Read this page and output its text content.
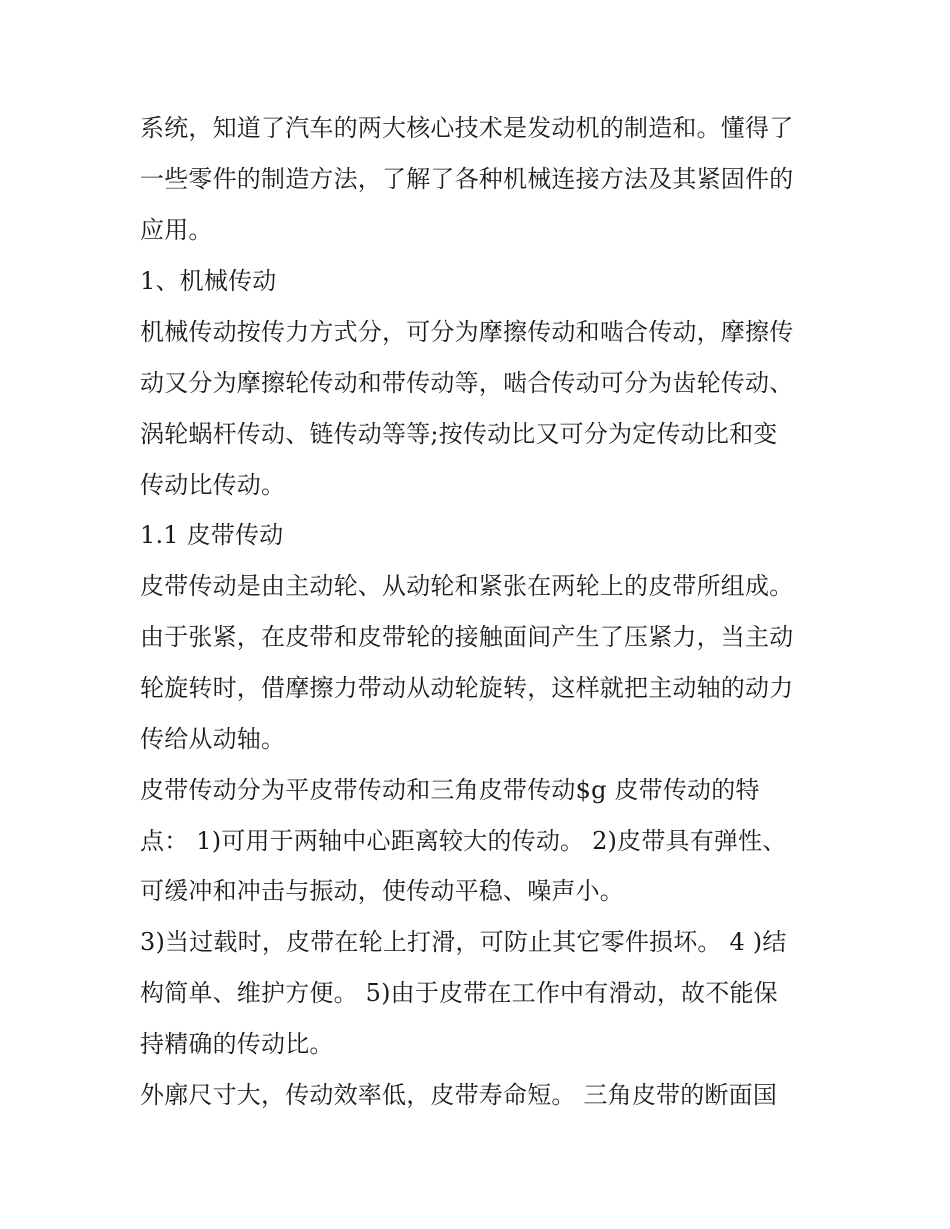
系统，知道了汽车的两大核心技术是发动机的制造和。懂得了

一些零件的制造方法，了解了各种机械连接方法及其紧固件的

应用。

1、机械传动

机械传动按传力方式分，可分为摩擦传动和啮合传动，摩擦传

动又分为摩擦轮传动和带传动等，啮合传动可分为齿轮传动、

涡轮蜗杆传动、链传动等等;按传动比又可分为定传动比和变

传动比传动。

1.1 皮带传动

皮带传动是由主动轮、从动轮和紧张在两轮上的皮带所组成。

由于张紧，在皮带和皮带轮的接触面间产生了压紧力，当主动

轮旋转时，借摩擦力带动从动轮旋转，这样就把主动轴的动力

传给从动轴。

皮带传动分为平皮带传动和三角皮带传动$g 皮带传动的特

点： 1)可用于两轴中心距离较大的传动。 2)皮带具有弹性、

可缓冲和冲击与振动，使传动平稳、噪声小。

3)当过载时，皮带在轮上打滑，可防止其它零件损坏。 4 )结

构简单、维护方便。 5)由于皮带在工作中有滑动，故不能保

持精确的传动比。

外廓尺寸大，传动效率低，皮带寿命短。 三角皮带的断面国
